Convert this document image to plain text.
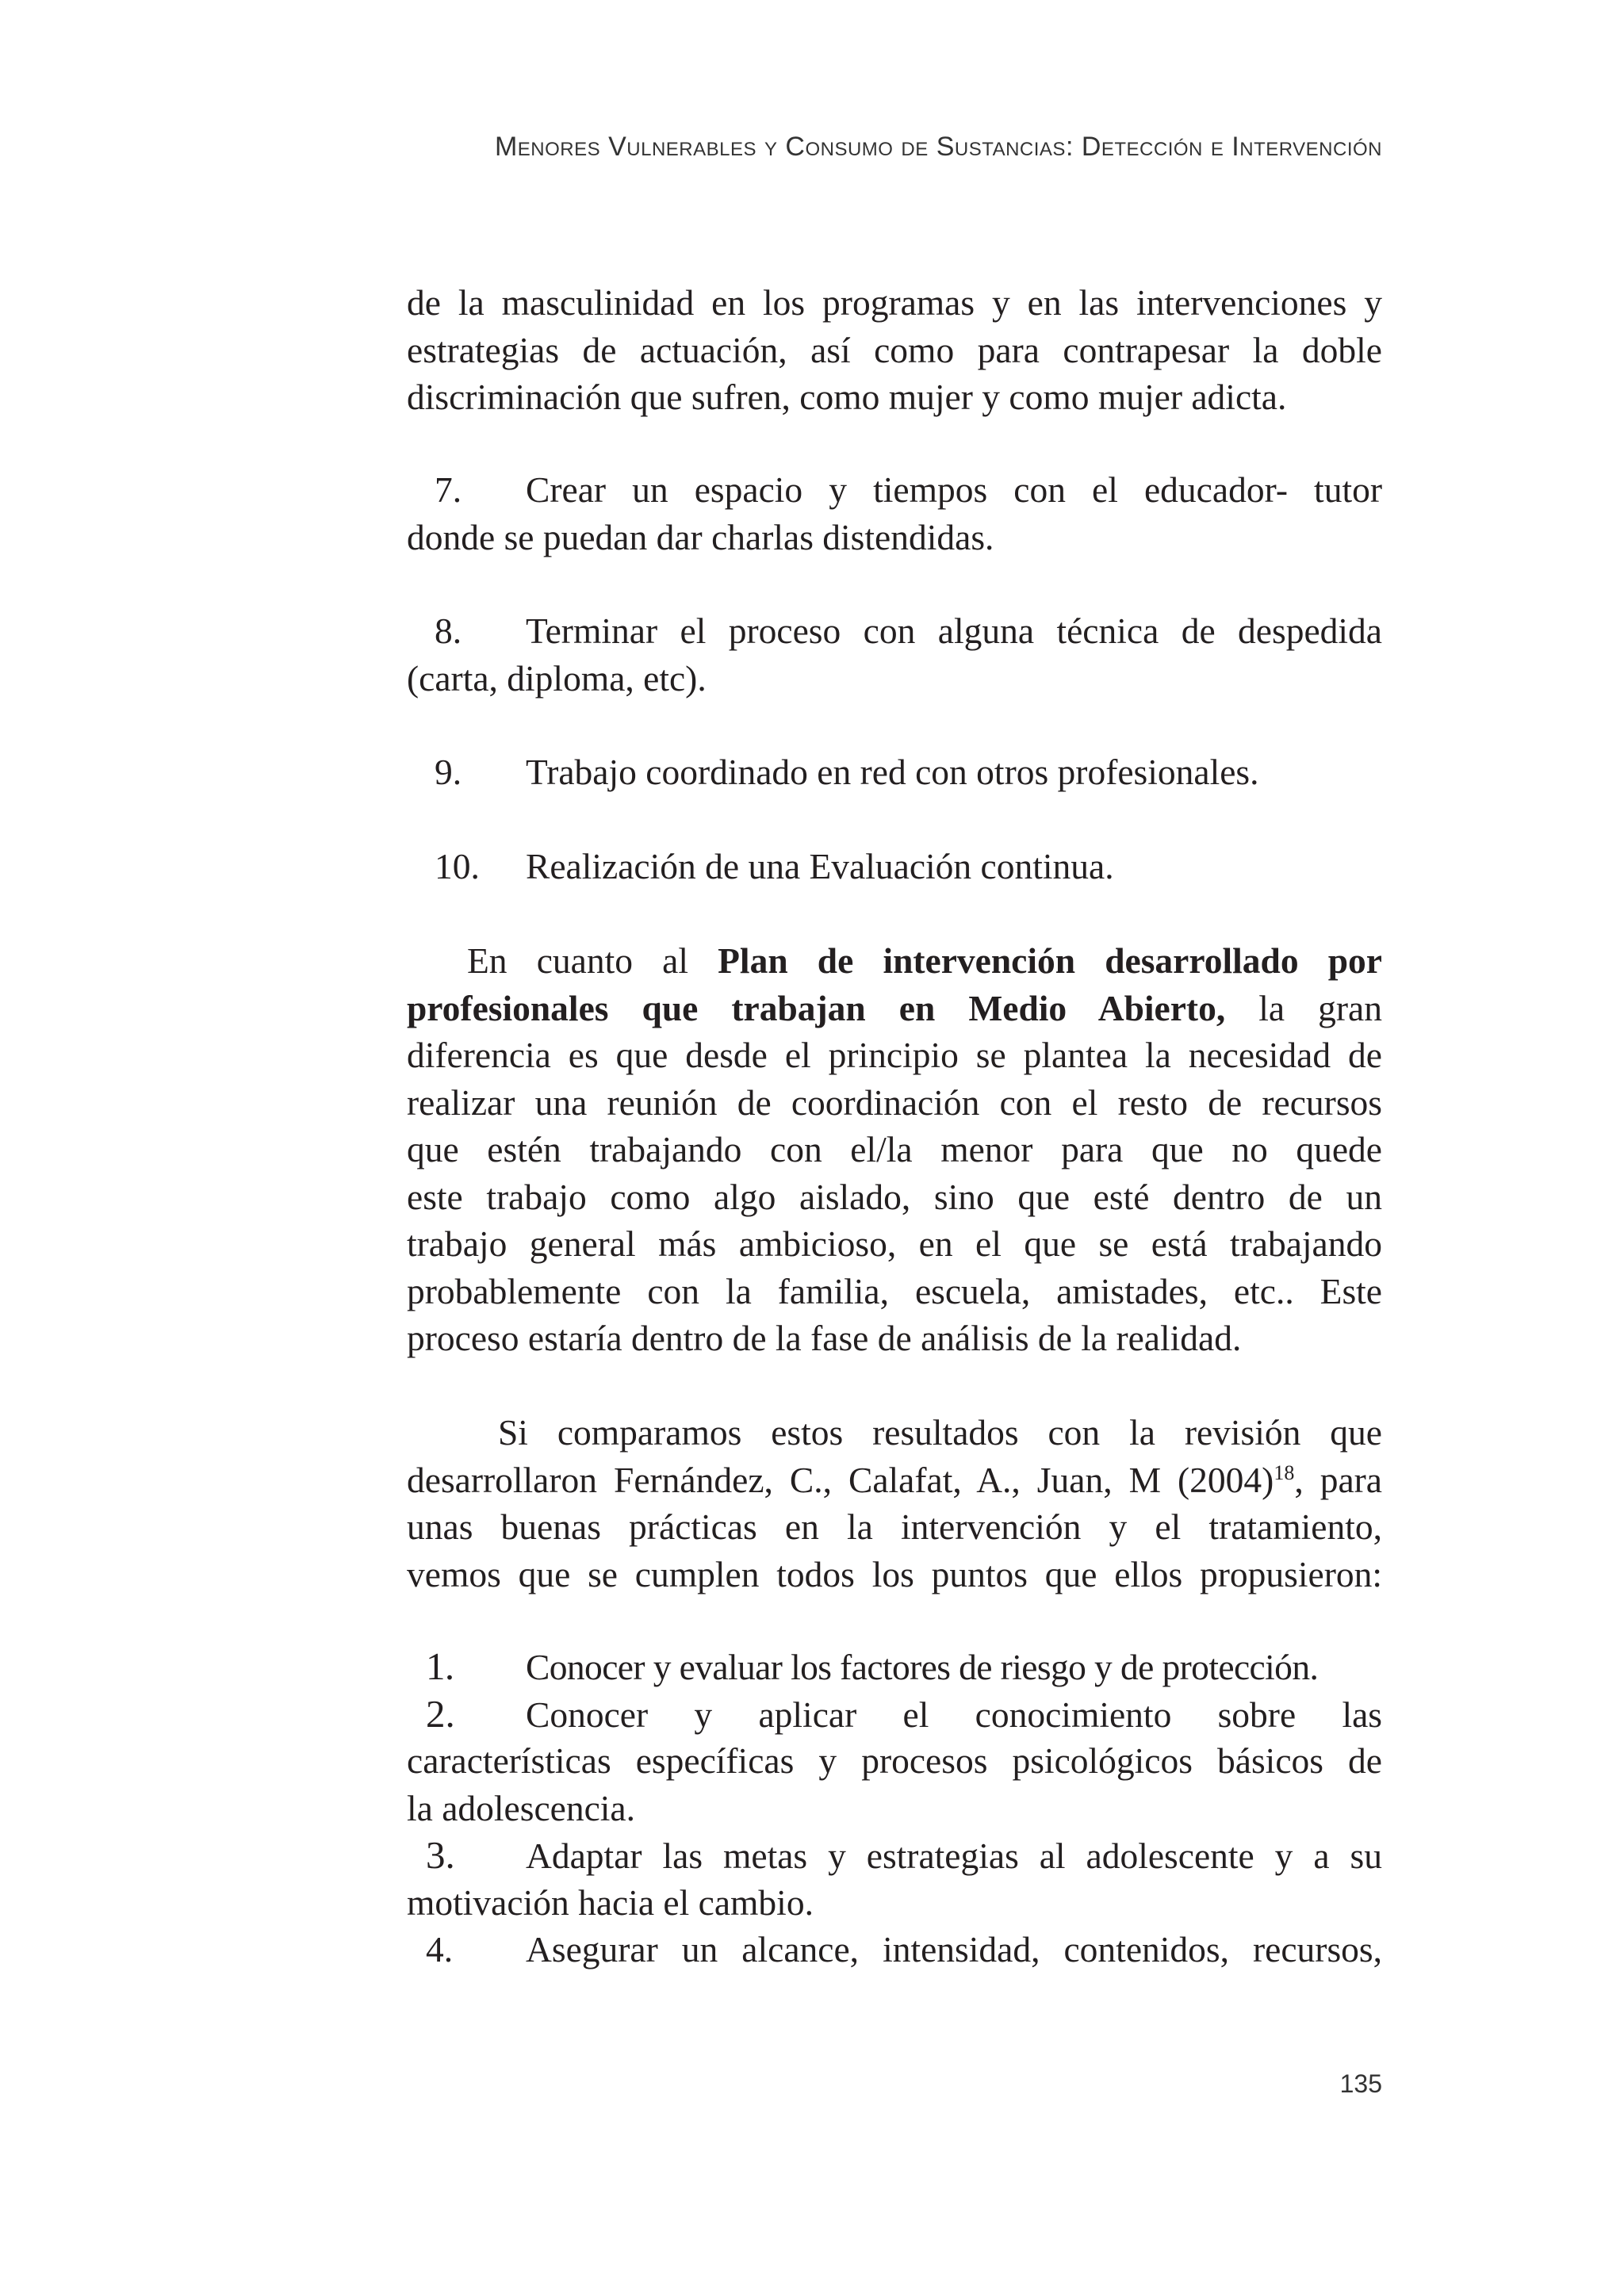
Menores Vulnerables y Consumo de Sustancias: Detección e Intervención
de la masculinidad en los programas y en las intervenciones y
estrategias de actuación, así como para contrapesar la doble
discriminación que sufren, como mujer y como mujer adicta.
7. Crear un espacio y tiempos con el educador- tutor
donde se puedan dar charlas distendidas.
8. Terminar el proceso con alguna técnica de despedida
(carta, diploma, etc).
9. Trabajo coordinado en red con otros profesionales.
10. Realización de una Evaluación continua.
En cuanto al Plan de intervención desarrollado por
profesionales que trabajan en Medio Abierto, la gran
diferencia es que desde el principio se plantea la necesidad de
realizar una reunión de coordinación con el resto de recursos
que estén trabajando con el/la menor para que no quede
este trabajo como algo aislado, sino que esté dentro de un
trabajo general más ambicioso, en el que se está trabajando
probablemente con la familia, escuela, amistades, etc.. Este
proceso estaría dentro de la fase de análisis de la realidad.
Si comparamos estos resultados con la revisión que
desarrollaron Fernández, C., Calafat, A., Juan, M $(2004)^{18}$, para
unas buenas prácticas en la intervención y el tratamiento,
vemos que se cumplen todos los puntos que ellos propusieron:
1. Conocer y evaluar los factores de riesgo y de protección.
2. Conocer y aplicar el conocimiento sobre las
características específicas y procesos psicológicos básicos de
la adolescencia.
3. Adaptar las metas y estrategias al adolescente y a su
motivación hacia el cambio.
4. Asegurar un alcance, intensidad, contenidos, recursos,
135
